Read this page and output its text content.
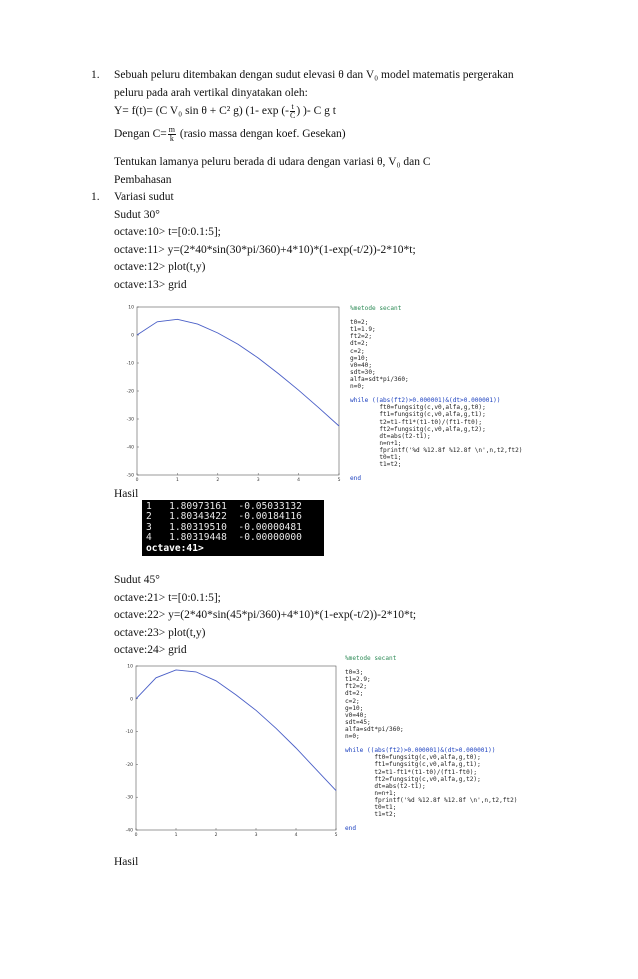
1. Sebuah peluru ditembakan dengan sudut elevasi θ dan V₀ model matematis pergerakan
peluru pada arah vertikal dinyatakan oleh:
Y= f(t)= (C V₀ sin θ + C² g) (1- exp (- $\frac{t}{C}$ ) )- C g t
Dengan $C= \frac{m}{k}$ (rasio massa dengan koef. Gesekan)
Tentukan lamanya peluru berada di udara dengan variasi θ, V₀ dan C
Pembahasan
1. Variasi sudut
Sudut 30°
octave:10> t=[0:0.1:5];
octave:11> y=(2*40*sin(30*pi/360)+4*10)*(1-exp(-t/2))-2*10*t;
octave:12> plot(t,y)
octave:13> grid
0	1	2	3	4	5
10
0
-10
-20
-30
-40
-50
%metode secant

t0=2;
t1=1.9;
ft2=2;
dt=2;
c=2;
g=10;
v0=40;
sdt=30;
alfa=sdt*pi/360;
n=0;

while ((abs(ft2)>0.000001)&(dt>0.000001))
ft0=fungsitg(c,v0,alfa,g,t0);
ft1=fungsitg(c,v0,alfa,g,t1);
t2=t1-ft1*(t1-t0)/(ft1-ft0);
ft2=fungsitg(c,v0,alfa,g,t2);
dt=abs(t2-t1);
n=n+1;
fprintf('%d %12.8f %12.8f \n',n,t2,ft2)
t0=t1;
t1=t2;

end
Hasil
1   1.80973161  -0.05033132
2   1.80343422  -0.00184116
3   1.80319510  -0.00000481
4   1.80319448  -0.00000000
octave:41>
Sudut 45°
octave:21> t=[0:0.1:5];
octave:22> y=(2*40*sin(45*pi/360)+4*10)*(1-exp(-t/2))-2*10*t;
octave:23> plot(t,y)
octave:24> grid
0	1	2	3	4	5
10
0
-10
-20
-30
-40
%metode secant

t0=3;
t1=2.9;
ft2=2;
dt=2;
c=2;
g=10;
v0=40;
sdt=45;
alfa=sdt*pi/360;
n=0;

while ((abs(ft2)>0.000001)&(dt>0.000001))
ft0=fungsitg(c,v0,alfa,g,t0);
ft1=fungsitg(c,v0,alfa,g,t1);
t2=t1-ft1*(t1-t0)/(ft1-ft0);
ft2=fungsitg(c,v0,alfa,g,t2);
dt=abs(t2-t1);
n=n+1;
fprintf('%d %12.8f %12.8f \n',n,t2,ft2)
t0=t1;
t1=t2;

end
Hasil
